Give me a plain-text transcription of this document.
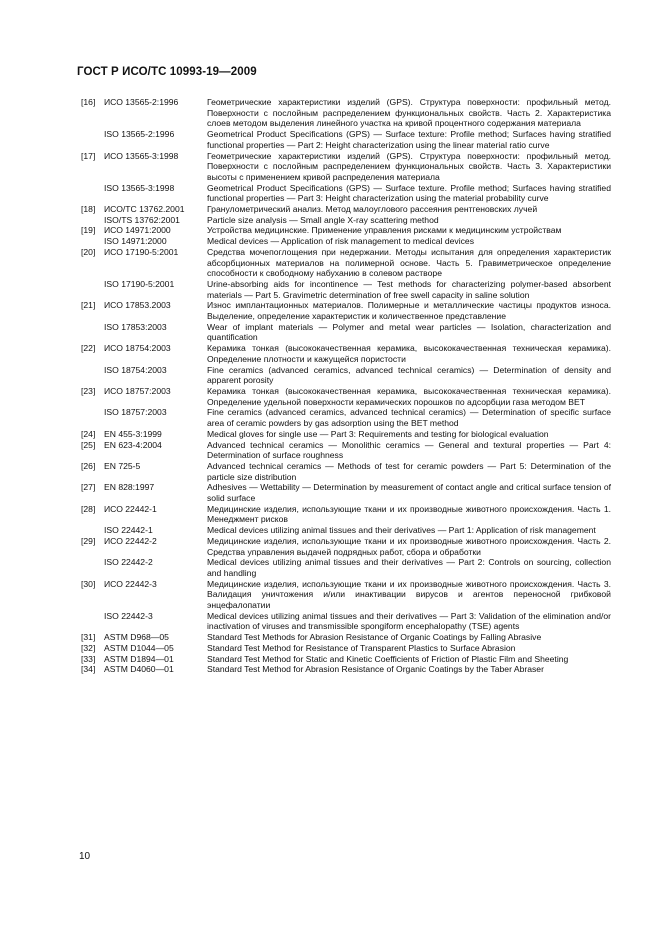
ГОСТ Р ИСО/ТС 10993-19—2009
[16]	ИСО 13565-2:1996	Геометрические характеристики изделий (GPS). Структура поверхности: профильный метод. Поверхности с послойным распределением функциональных свойств. Часть 2. Характеристика слоев методом выделения линейного участка на кривой процентного содержания материала
ISO 13565-2:1996	Geometrical Product Specifications (GPS) — Surface texture: Profile method; Surfaces having stratified functional properties — Part 2: Height characterization using the linear material ratio curve
[17]	ИСО 13565-3:1998	Геометрические характеристики изделий (GPS). Структура поверхности: профильный метод. Поверхности с послойным распределением функциональных свойств. Часть 3. Характеристики высоты с применением кривой распределения материала
ISO 13565-3:1998	Geometrical Product Specifications (GPS) — Surface texture. Profile method; Surfaces having stratified functional properties — Part 3: Height characterization using the material probability curve
[18]	ИСО/ТС 13762.2001	Гранулометрический анализ. Метод малоуглового рассеяния рентгеновских лучей
ISO/TS 13762:2001	Particle size analysis — Small angle X-ray scattering method
[19]	ИСО 14971:2000	Устройства медицинские. Применение управления рисками к медицинским устройствам
ISO 14971:2000	Medical devices — Application of risk management to medical devices
[20]	ИСО 17190-5:2001	Средства мочепоглощения при недержании. Методы испытания для определения характеристик абсорбционных материалов на полимерной основе. Часть 5. Гравиметрическое определение способности к свободному набуханию в солевом растворе
ISO 17190-5:2001	Urine-absorbing aids for incontinence — Test methods for characterizing polymer-based absorbent materials — Part 5. Gravimetric determination of free swell capacity in saline solution
[21]	ИСО 17853.2003	Износ имплантационных материалов. Полимерные и металлические частицы продуктов износа. Выделение, определение характеристик и количественное представление
ISO 17853:2003	Wear of implant materials — Polymer and metal wear particles — Isolation, characterization and quantification
[22]	ИСО 18754:2003	Керамика тонкая (высококачественная керамика, высококачественная техническая керамика). Определение плотности и кажущейся пористости
ISO 18754:2003	Fine ceramics (advanced ceramics, advanced technical ceramics) — Determination of density and apparent porosity
[23]	ИСО 18757:2003	Керамика тонкая (высококачественная керамика, высококачественная техническая керамика). Определение удельной поверхности керамических порошков по адсорбции газа методом ВЕТ
ISO 18757:2003	Fine ceramics (advanced ceramics, advanced technical ceramics) — Determination of specific surface area of ceramic powders by gas adsorption using the BET method
[24]	EN 455-3:1999	Medical gloves for single use — Part 3: Requirements and testing for biological evaluation
[25]	EN 623-4:2004	Advanced technical ceramics — Monolithic ceramics — General and textural properties — Part 4: Determination of surface roughness
[26]	EN 725-5	Advanced technical ceramics — Methods of test for ceramic powders — Part 5: Determination of the particle size distribution
[27]	EN 828:1997	Adhesives — Wettability — Determination by measurement of contact angle and critical surface tension of solid surface
[28]	ИСО 22442-1	Медицинские изделия, использующие ткани и их производные животного происхождения. Часть 1. Менеджмент рисков
ISO 22442-1	Medical devices utilizing animal tissues and their derivatives — Part 1: Application of risk management
[29]	ИСО 22442-2	Медицинские изделия, использующие ткани и их производные животного происхождения. Часть 2. Средства управления выдачей подрядных работ, сбора и обработки
ISO 22442-2	Medical devices utilizing animal tissues and their derivatives — Part 2: Controls on sourcing, collection and handling
[30]	ИСО 22442-3	Медицинские изделия, использующие ткани и их производные животного происхождения. Часть 3. Валидация уничтожения и/или инактивации вирусов и агентов переносной грибковой энцефалопатии
ISO 22442-3	Medical devices utilizing animal tissues and their derivatives — Part 3: Validation of the elimination and/or inactivation of viruses and transmissible spongiform encephalopathy (TSE) agents
[31]	ASTM D968—05	Standard Test Methods for Abrasion Resistance of Organic Coatings by Falling Abrasive
[32]	ASTM D1044—05	Standard Test Method for Resistance of Transparent Plastics to Surface Abrasion
[33]	ASTM D1894—01	Standard Test Method for Static and Kinetic Coefficients of Friction of Plastic Film and Sheeting
[34]	ASTM D4060—01	Standard Test Method for Abrasion Resistance of Organic Coatings by the Taber Abraser
10
